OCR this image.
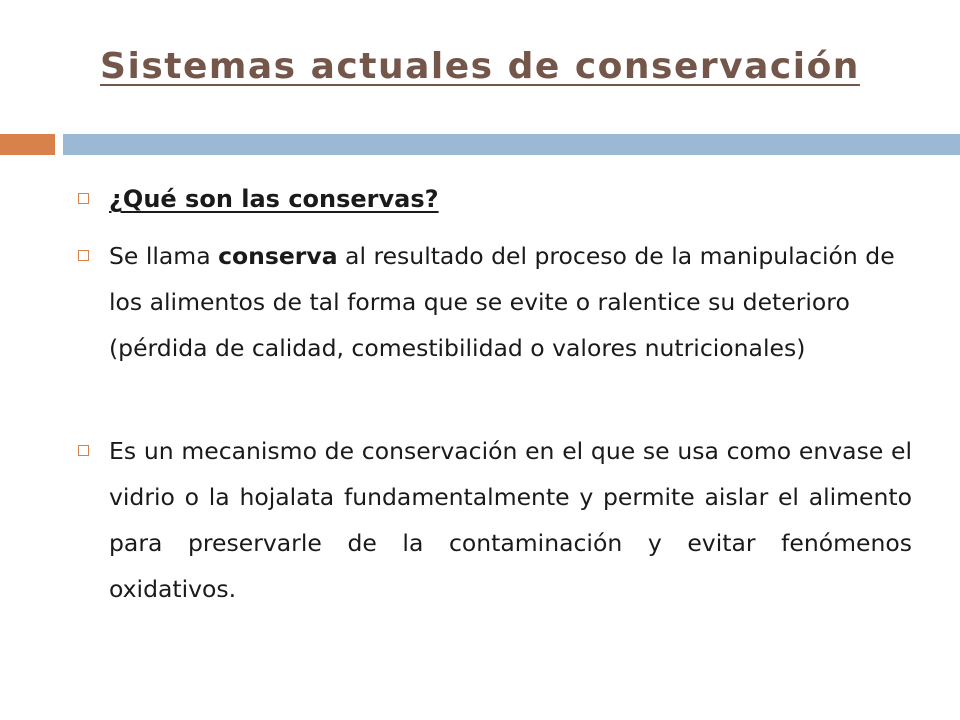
Sistemas actuales de conservación
¿Qué son las conservas?
Se llama conserva al resultado del proceso de la manipulación de los alimentos de tal forma que se evite o ralentice su deterioro (pérdida de calidad, comestibilidad o valores nutricionales)
Es un mecanismo de conservación en el que se usa como envase el vidrio o la hojalata fundamentalmente y permite aislar el alimento para preservarle de la contaminación y evitar fenómenos oxidativos.
